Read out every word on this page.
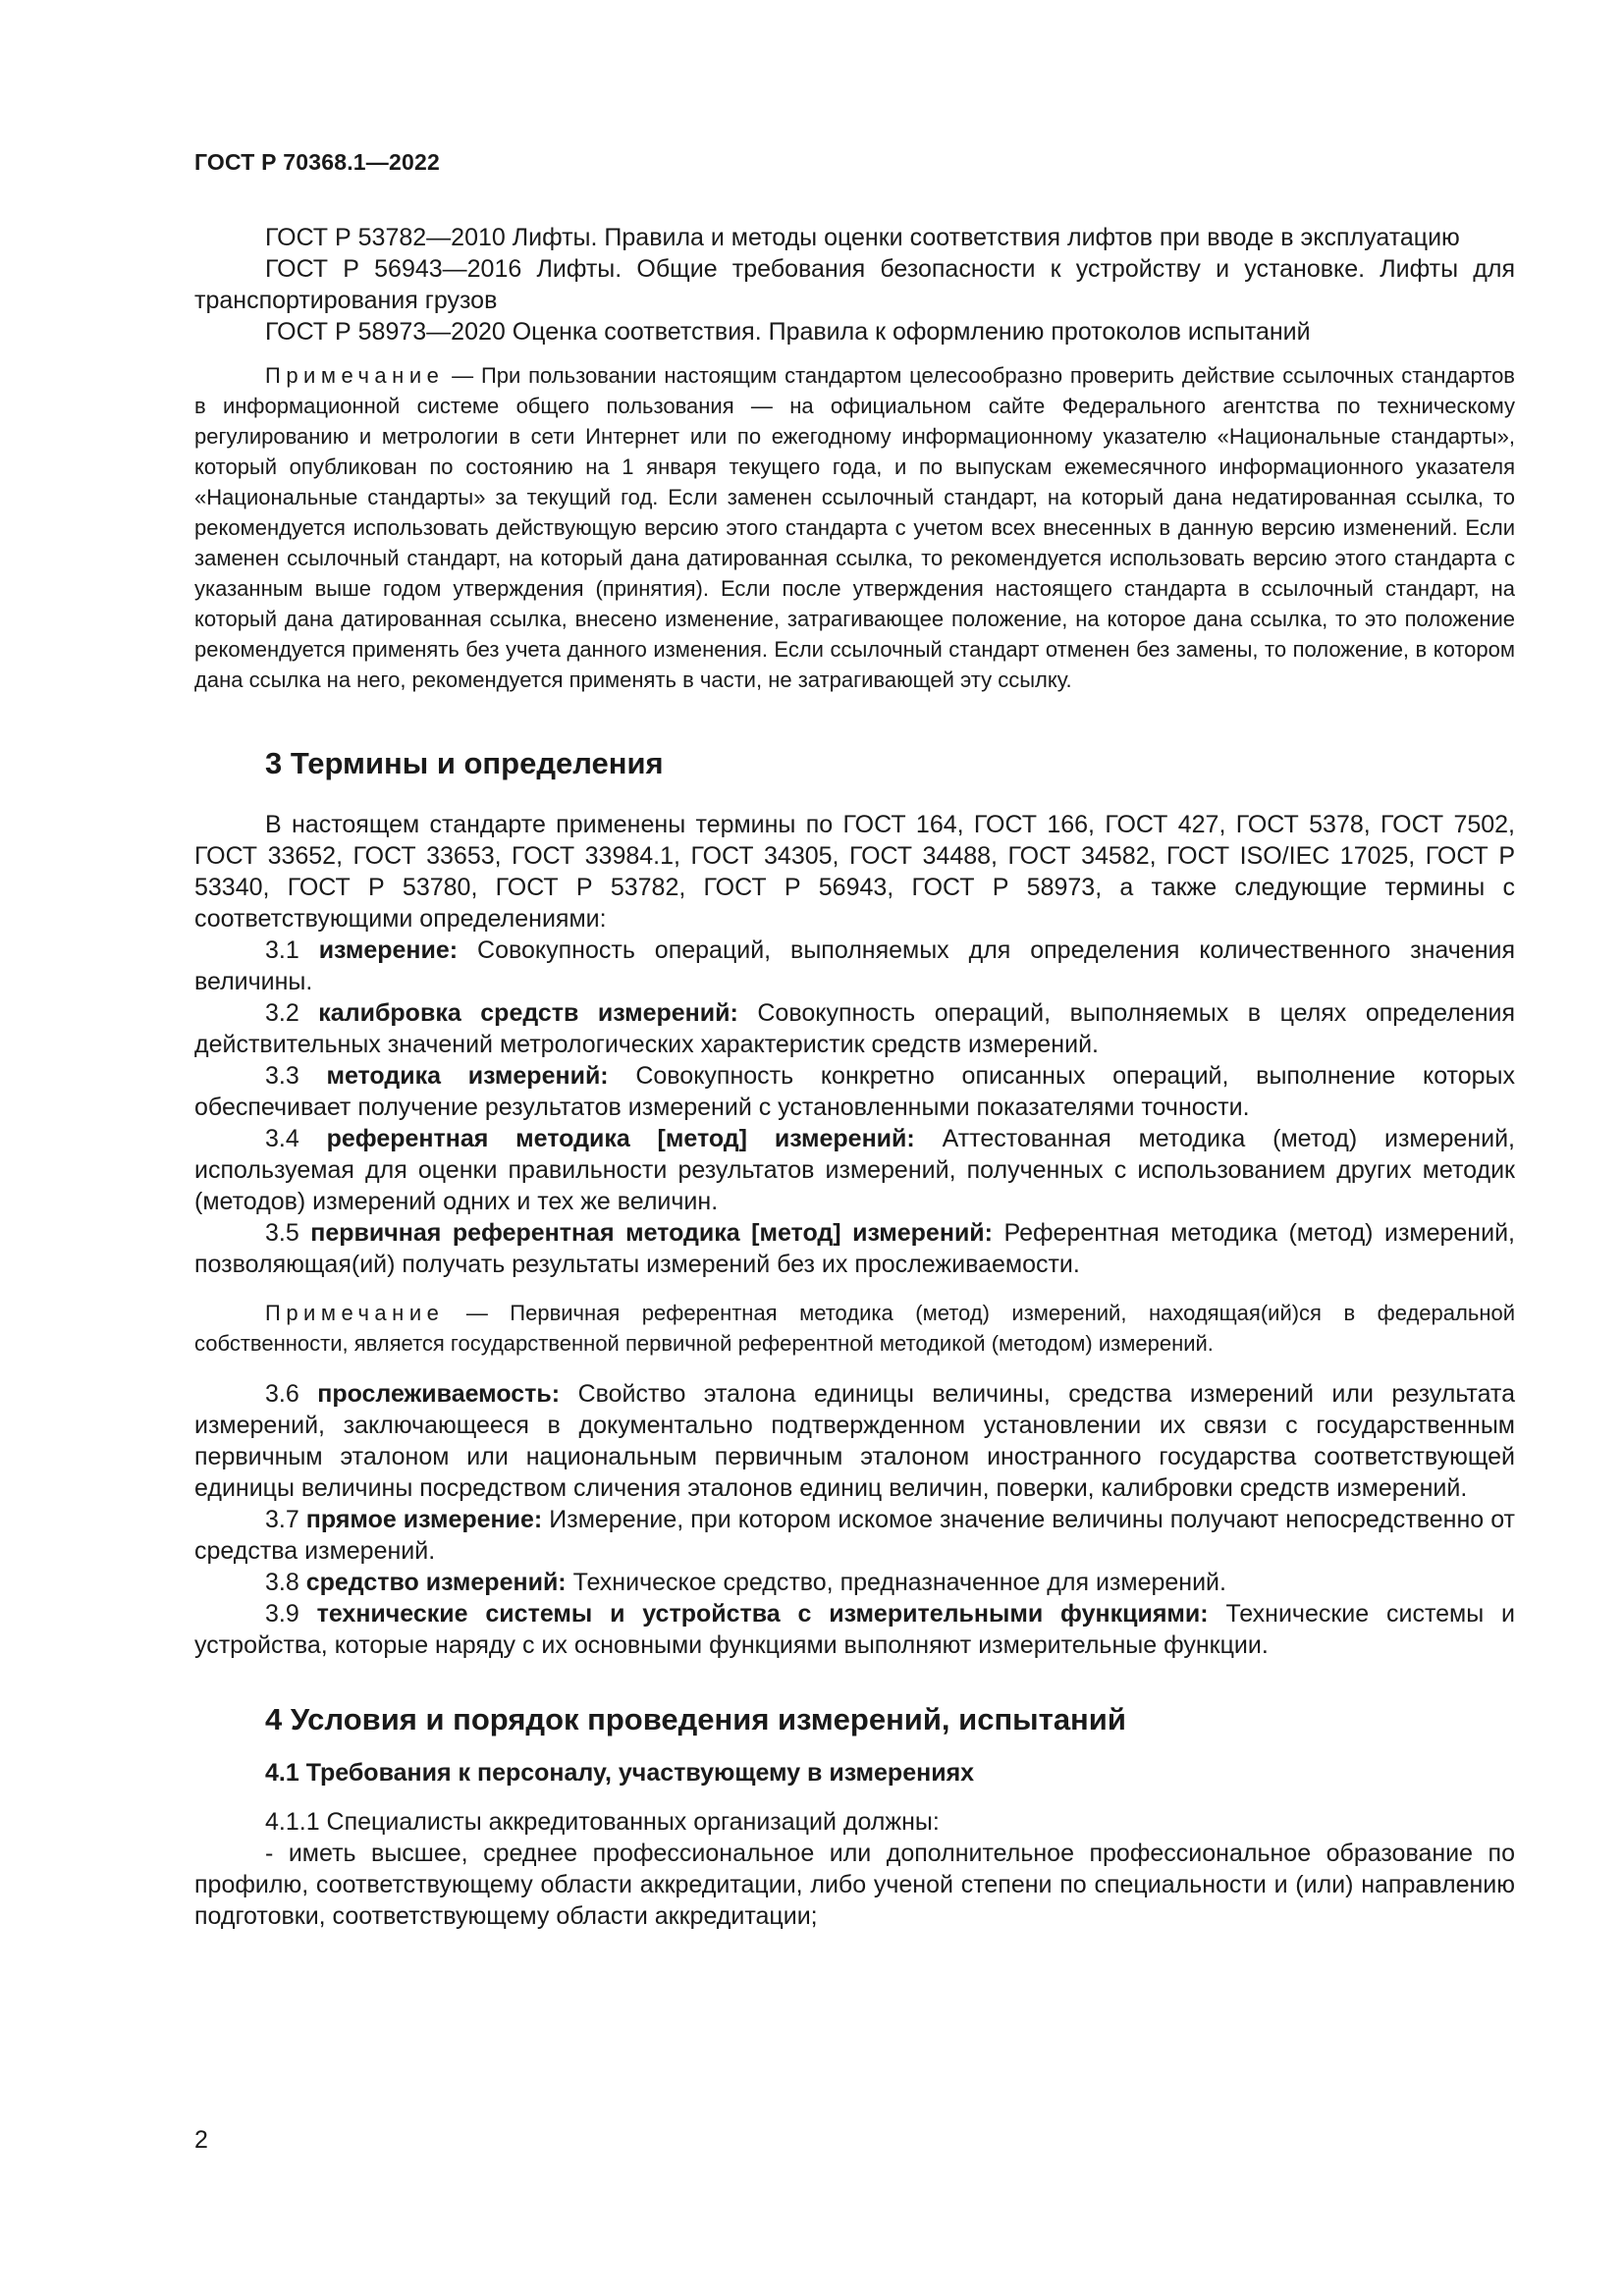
ГОСТ Р 70368.1—2022

ГОСТ Р 53782—2010 Лифты. Правила и методы оценки соответствия лифтов при вводе в эксплуатацию

ГОСТ Р 56943—2016 Лифты. Общие требования безопасности к устройству и установке. Лифты для транспортирования грузов

ГОСТ Р 58973—2020 Оценка соответствия. Правила к оформлению протоколов испытаний

Примечание — При пользовании настоящим стандартом целесообразно проверить действие ссылочных стандартов в информационной системе общего пользования — на официальном сайте Федерального агентства по техническому регулированию и метрологии в сети Интернет или по ежегодному информационному указателю «Национальные стандарты», который опубликован по состоянию на 1 января текущего года, и по выпускам ежемесячного информационного указателя «Национальные стандарты» за текущий год. Если заменен ссылочный стандарт, на который дана недатированная ссылка, то рекомендуется использовать действующую версию этого стандарта с учетом всех внесенных в данную версию изменений. Если заменен ссылочный стандарт, на который дана датированная ссылка, то рекомендуется использовать версию этого стандарта с указанным выше годом утверждения (принятия). Если после утверждения настоящего стандарта в ссылочный стандарт, на который дана датированная ссылка, внесено изменение, затрагивающее положение, на которое дана ссылка, то это положение рекомендуется применять без учета данного изменения. Если ссылочный стандарт отменен без замены, то положение, в котором дана ссылка на него, рекомендуется применять в части, не затрагивающей эту ссылку.

3 Термины и определения

В настоящем стандарте применены термины по ГОСТ 164, ГОСТ 166, ГОСТ 427, ГОСТ 5378, ГОСТ 7502, ГОСТ 33652, ГОСТ 33653, ГОСТ 33984.1, ГОСТ 34305, ГОСТ 34488, ГОСТ 34582, ГОСТ ISO/IEC 17025, ГОСТ Р 53340, ГОСТ Р 53780, ГОСТ Р 53782, ГОСТ Р 56943, ГОСТ Р 58973, а также следующие термины с соответствующими определениями:

3.1 измерение: Совокупность операций, выполняемых для определения количественного значения величины.

3.2 калибровка средств измерений: Совокупность операций, выполняемых в целях определения действительных значений метрологических характеристик средств измерений.

3.3 методика измерений: Совокупность конкретно описанных операций, выполнение которых обеспечивает получение результатов измерений с установленными показателями точности.

3.4 референтная методика [метод] измерений: Аттестованная методика (метод) измерений, используемая для оценки правильности результатов измерений, полученных с использованием других методик (методов) измерений одних и тех же величин.

3.5 первичная референтная методика [метод] измерений: Референтная методика (метод) измерений, позволяющая(ий) получать результаты измерений без их прослеживаемости.

Примечание — Первичная референтная методика (метод) измерений, находящая(ий)ся в федеральной собственности, является государственной первичной референтной методикой (методом) измерений.

3.6 прослеживаемость: Свойство эталона единицы величины, средства измерений или результата измерений, заключающееся в документально подтвержденном установлении их связи с государственным первичным эталоном или национальным первичным эталоном иностранного государства соответствующей единицы величины посредством сличения эталонов единиц величин, поверки, калибровки средств измерений.

3.7 прямое измерение: Измерение, при котором искомое значение величины получают непосредственно от средства измерений.

3.8 средство измерений: Техническое средство, предназначенное для измерений.

3.9 технические системы и устройства с измерительными функциями: Технические системы и устройства, которые наряду с их основными функциями выполняют измерительные функции.

4 Условия и порядок проведения измерений, испытаний
4.1 Требования к персоналу, участвующему в измерениях

4.1.1 Специалисты аккредитованных организаций должны:

- иметь высшее, среднее профессиональное или дополнительное профессиональное образование по профилю, соответствующему области аккредитации, либо ученой степени по специальности и (или) направлению подготовки, соответствующему области аккредитации;

2
